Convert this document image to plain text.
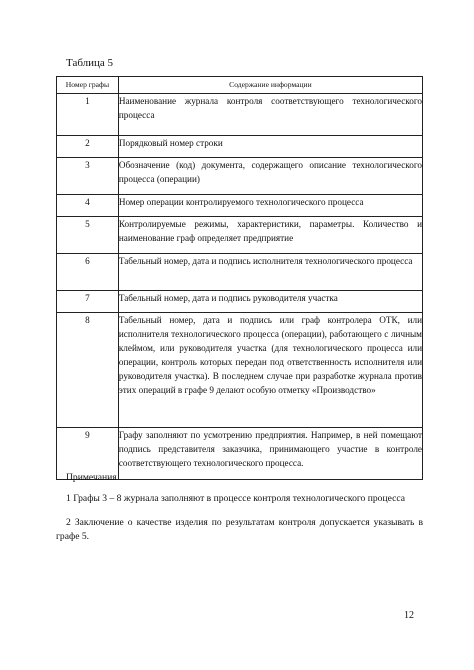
Таблица 5
Номер графы	Содержание информации
1	Наименование журнала контроля соответствующего технологического процесса
2	Порядковый номер строки
3	Обозначение (код) документа, содержащего описание технологического процесса (операции)
4	Номер операции контролируемого технологического процесса
5	Контролируемые режимы, характеристики, параметры. Количество и наименование граф определяет предприятие
6	Табельный номер, дата и подпись исполнителя технологического процесса
7	Табельный номер, дата и подпись руководителя участка
8	Табельный номер, дата и подпись или граф контролера ОТК, или исполнителя технологического процесса (операции), работающего с личным клеймом, или руководителя участка (для технологического процесса или операции, контроль которых передан под ответственность исполнителя или руководителя участка). В последнем случае при разработке журнала против этих операций в графе 9 делают особую отметку «Производство»
9	Графу заполняют по усмотрению предприятия. Например, в ней помещают подпись представителя заказчика, принимающего участие в контроле соответствующего технологического процесса.
Примечания

1 Графы 3 – 8 журнала заполняют в процессе контроля технологического процесса

2 Заключение о качестве изделия по результатам контроля допускается указывать в графе 5.

12
